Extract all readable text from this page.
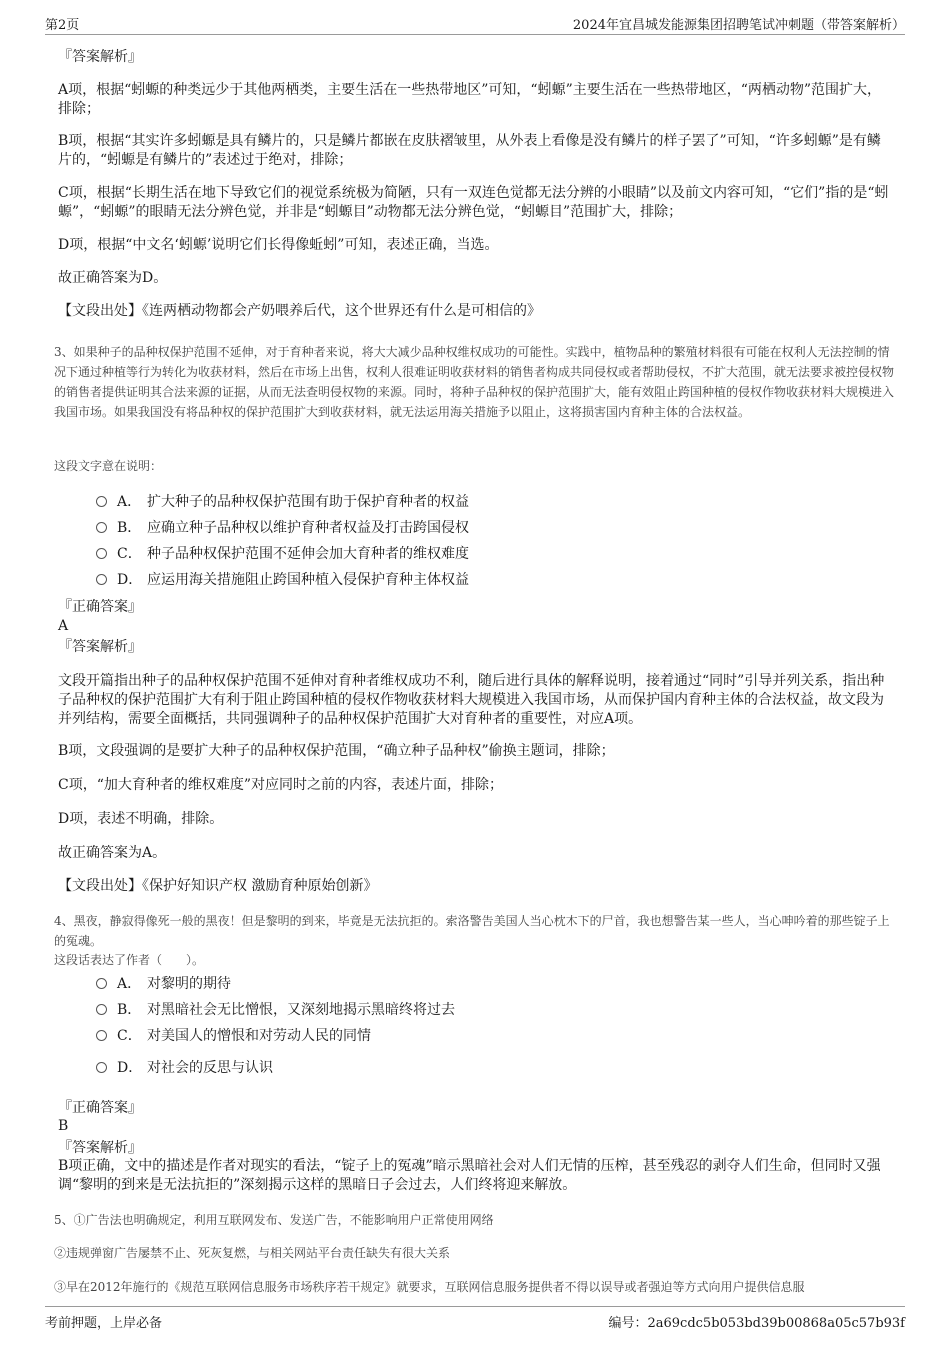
第2页	2024年宜昌城发能源集团招聘笔试冲刺题（带答案解析）
『答案解析』
A项，根据“蚓螈的种类远少于其他两栖类，主要生活在一些热带地区”可知，“蚓螈”主要生活在一些热带地区，“两栖动物”范围扩大，排除；
B项，根据“其实许多蚓螈是具有鳞片的，只是鳞片都嵌在皮肤褶皱里，从外表上看像是没有鳞片的样子罢了”可知，“许多蚓螈”是有鳞片的，“蚓螈是有鳞片的”表述过于绝对，排除；
C项，根据“长期生活在地下导致它们的视觉系统极为简陋，只有一双连色觉都无法分辨的小眼睛”以及前文内容可知，“它们”指的是“蚓螈”，“蚓螈”的眼睛无法分辨色觉，并非是“蚓螈目”动物都无法分辨色觉，“蚓螈目”范围扩大，排除；
D项，根据“中文名‘蚓螈’说明它们长得像蚯蚓”可知，表述正确，当选。
故正确答案为D。
【文段出处】《连两栖动物都会产奶喂养后代，这个世界还有什么是可相信的》
3、如果种子的品种权保护范围不延伸，对于育种者来说，将大大减少品种权维权成功的可能性。实践中，植物品种的繁殖材料很有可能在权利人无法控制的情况下通过种植等行为转化为收获材料，然后在市场上出售，权利人很难证明收获材料的销售者构成共同侵权或者帮助侵权，不扩大范围，就无法要求被控侵权物的销售者提供证明其合法来源的证据，从而无法查明侵权物的来源。同时，将种子品种权的保护范围扩大，能有效阻止跨国种植的侵权作物收获材料大规模进入我国市场。如果我国没有将品种权的保护范围扩大到收获材料，就无法运用海关措施予以阻止，这将损害国内育种主体的合法权益。
这段文字意在说明：
A． 扩大种子的品种权保护范围有助于保护育种者的权益
B． 应确立种子品种权以维护育种者权益及打击跨国侵权
C． 种子品种权保护范围不延伸会加大育种者的维权难度
D． 应运用海关措施阻止跨国种植入侵保护育种主体权益
『正确答案』
A
『答案解析』
文段开篇指出种子的品种权保护范围不延伸对育种者维权成功不利，随后进行具体的解释说明，接着通过“同时”引导并列关系，指出种子品种权的保护范围扩大有利于阻止跨国种植的侵权作物收获材料大规模进入我国市场，从而保护国内育种主体的合法权益，故文段为并列结构，需要全面概括，共同强调种子的品种权保护范围扩大对育种者的重要性，对应A项。
B项，文段强调的是要扩大种子的品种权保护范围，“确立种子品种权”偷换主题词，排除；
C项，“加大育种者的维权难度”对应同时之前的内容，表述片面，排除；
D项，表述不明确，排除。
故正确答案为A。
【文段出处】《保护好知识产权 激励育种原始创新》
4、黑夜，静寂得像死一般的黑夜！但是黎明的到来，毕竟是无法抗拒的。索洛警告美国人当心枕木下的尸首，我也想警告某一些人，当心呻吟着的那些锭子上的冤魂。
这段话表达了作者（　　）。
A． 对黎明的期待
B． 对黑暗社会无比憎恨，又深刻地揭示黑暗终将过去
C． 对美国人的憎恨和对劳动人民的同情
D． 对社会的反思与认识
『正确答案』
B
『答案解析』
B项正确，文中的描述是作者对现实的看法，“锭子上的冤魂”暗示黑暗社会对人们无情的压榨，甚至残忍的剥夺人们生命，但同时又强调“黎明的到来是无法抗拒的”深刻揭示这样的黑暗日子会过去，人们终将迎来解放。
5、①广告法也明确规定，利用互联网发布、发送广告，不能影响用户正常使用网络
②违规弹窗广告屡禁不止、死灰复燃，与相关网站平台责任缺失有很大关系
③早在2012年施行的《规范互联网信息服务市场秩序若干规定》就要求，互联网信息服务提供者不得以误导或者强迫等方式向用户提供信息服
考前押题，上岸必备	编号：2a69cdc5b053bd39b00868a05c57b93f
